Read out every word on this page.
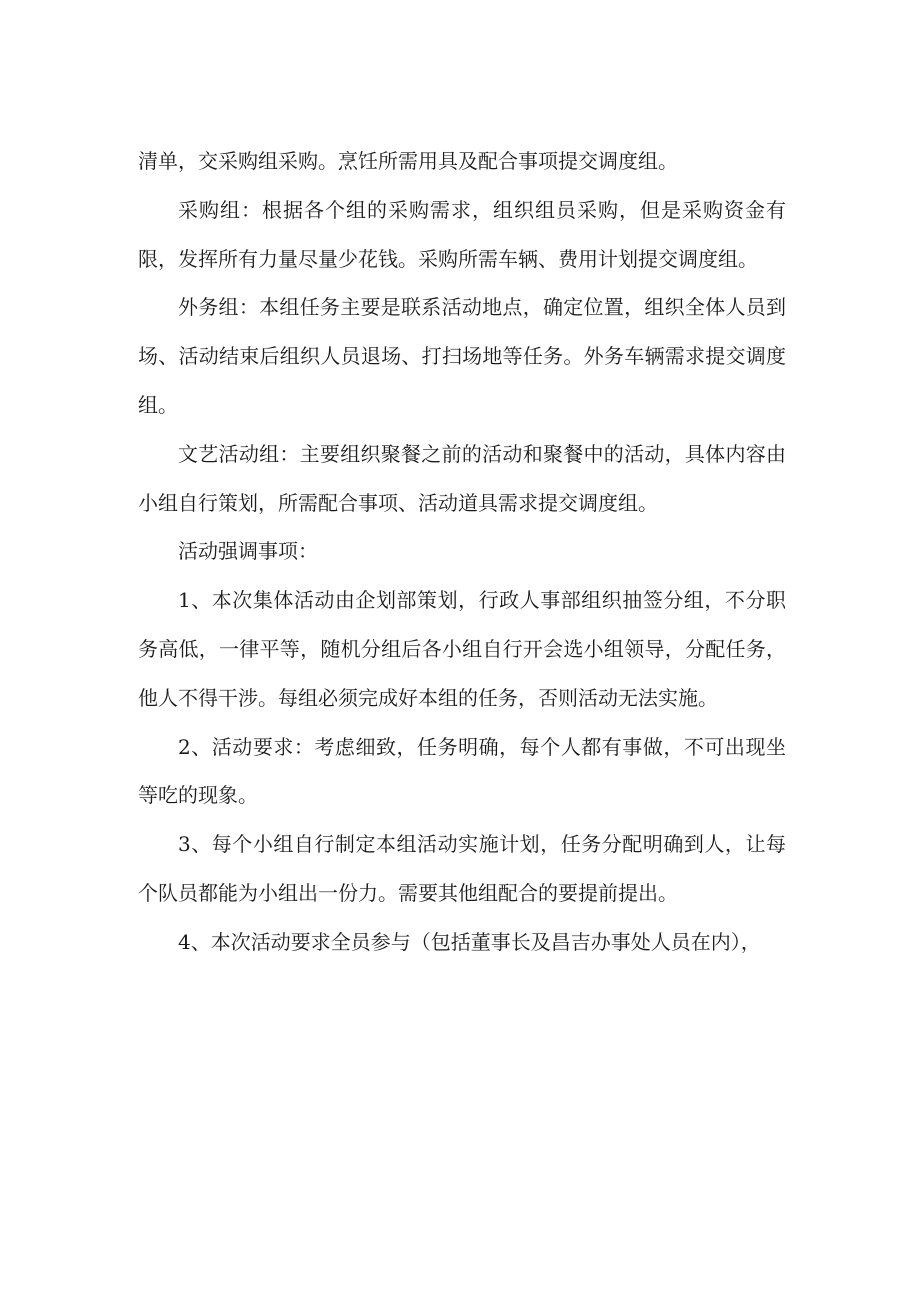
清单，交采购组采购。烹饪所需用具及配合事项提交调度组。

采购组：根据各个组的采购需求，组织组员采购，但是采购资金有限，发挥所有力量尽量少花钱。采购所需车辆、费用计划提交调度组。

外务组：本组任务主要是联系活动地点，确定位置，组织全体人员到场、活动结束后组织人员退场、打扫场地等任务。外务车辆需求提交调度组。

文艺活动组：主要组织聚餐之前的活动和聚餐中的活动，具体内容由小组自行策划，所需配合事项、活动道具需求提交调度组。

活动强调事项：

1、本次集体活动由企划部策划，行政人事部组织抽签分组，不分职务高低，一律平等，随机分组后各小组自行开会选小组领导，分配任务，他人不得干涉。每组必须完成好本组的任务，否则活动无法实施。

2、活动要求：考虑细致，任务明确，每个人都有事做，不可出现坐等吃的现象。

3、每个小组自行制定本组活动实施计划，任务分配明确到人，让每个队员都能为小组出一份力。需要其他组配合的要提前提出。

4、本次活动要求全员参与（包括董事长及昌吉办事处人员在内），
